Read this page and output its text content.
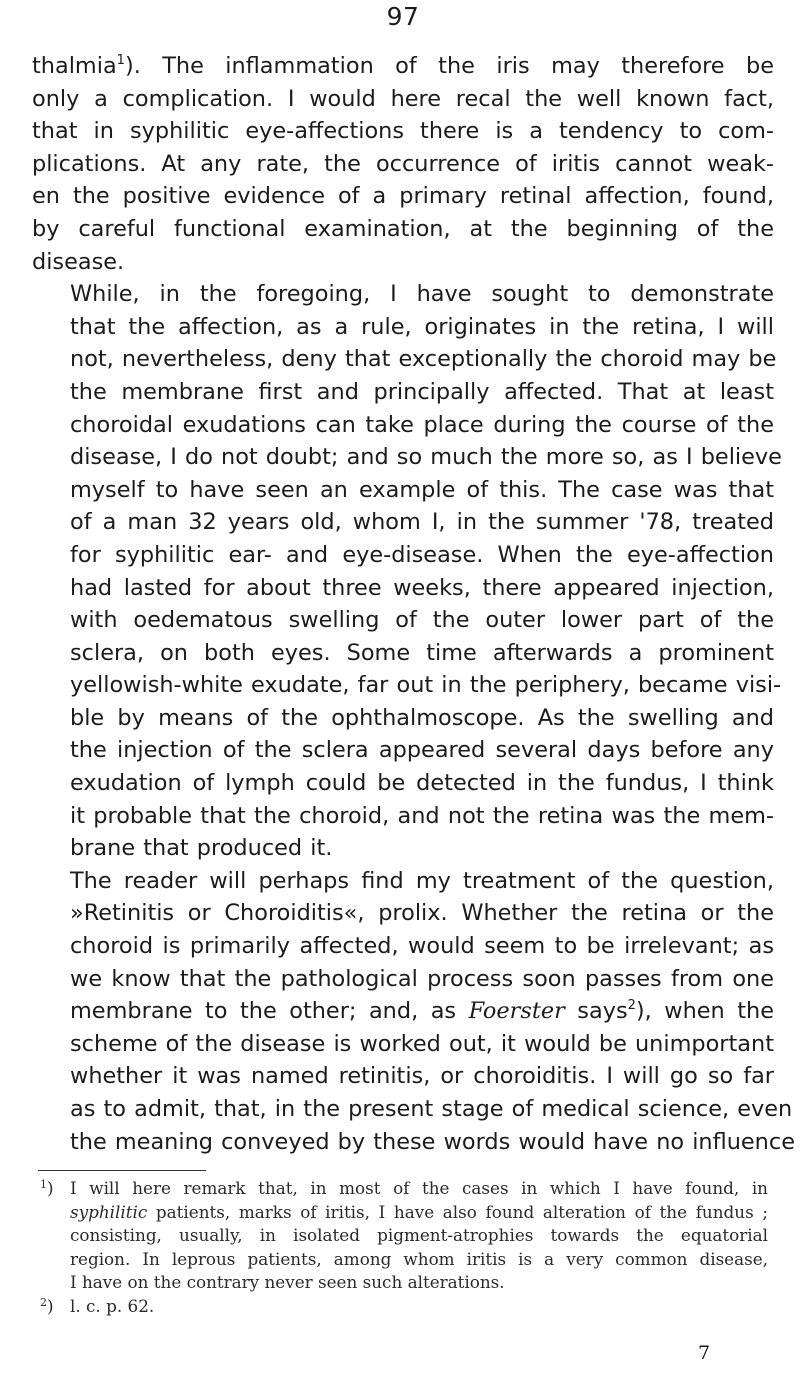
97
thalmia$^1$). The inflammation of the iris may therefore be
only a complication. I would here recal the well known fact,
that in syphilitic eye-affections there is a tendency to com-
plications. At any rate, the occurrence of iritis cannot weak-
en the positive evidence of a primary retinal affection, found,
by careful functional examination, at the beginning of the
disease.
While, in the foregoing, I have sought to demonstrate
that the affection, as a rule, originates in the retina, I will
not, nevertheless, deny that exceptionally the choroid may be
the membrane first and principally affected. That at least
choroidal exudations can take place during the course of the
disease, I do not doubt; and so much the more so, as I believe
myself to have seen an example of this. The case was that
of a man 32 years old, whom I, in the summer '78, treated
for syphilitic ear- and eye-disease. When the eye-affection
had lasted for about three weeks, there appeared injection,
with oedematous swelling of the outer lower part of the
sclera, on both eyes. Some time afterwards a prominent
yellowish-white exudate, far out in the periphery, became visi-
ble by means of the ophthalmoscope. As the swelling and
the injection of the sclera appeared several days before any
exudation of lymph could be detected in the fundus, I think
it probable that the choroid, and not the retina was the mem-
brane that produced it.
The reader will perhaps find my treatment of the question,
»Retinitis or Choroiditis«, prolix. Whether the retina or the
choroid is primarily affected, would seem to be irrelevant; as
we know that the pathological process soon passes from one
membrane to the other; and, as Foerster says$^2$), when the
scheme of the disease is worked out, it would be unimportant
whether it was named retinitis, or choroiditis. I will go so far
as to admit, that, in the present stage of medical science, even
the meaning conveyed by these words would have no influence
$^1$) I will here remark that, in most of the cases in which I have found, in
syphilitic patients, marks of iritis, I have also found alteration of the fundus ;
consisting, usually, in isolated pigment-atrophies towards the equatorial
region. In leprous patients, among whom iritis is a very common disease,
I have on the contrary never seen such alterations.
$^2$) l. c. p. 62.
7
